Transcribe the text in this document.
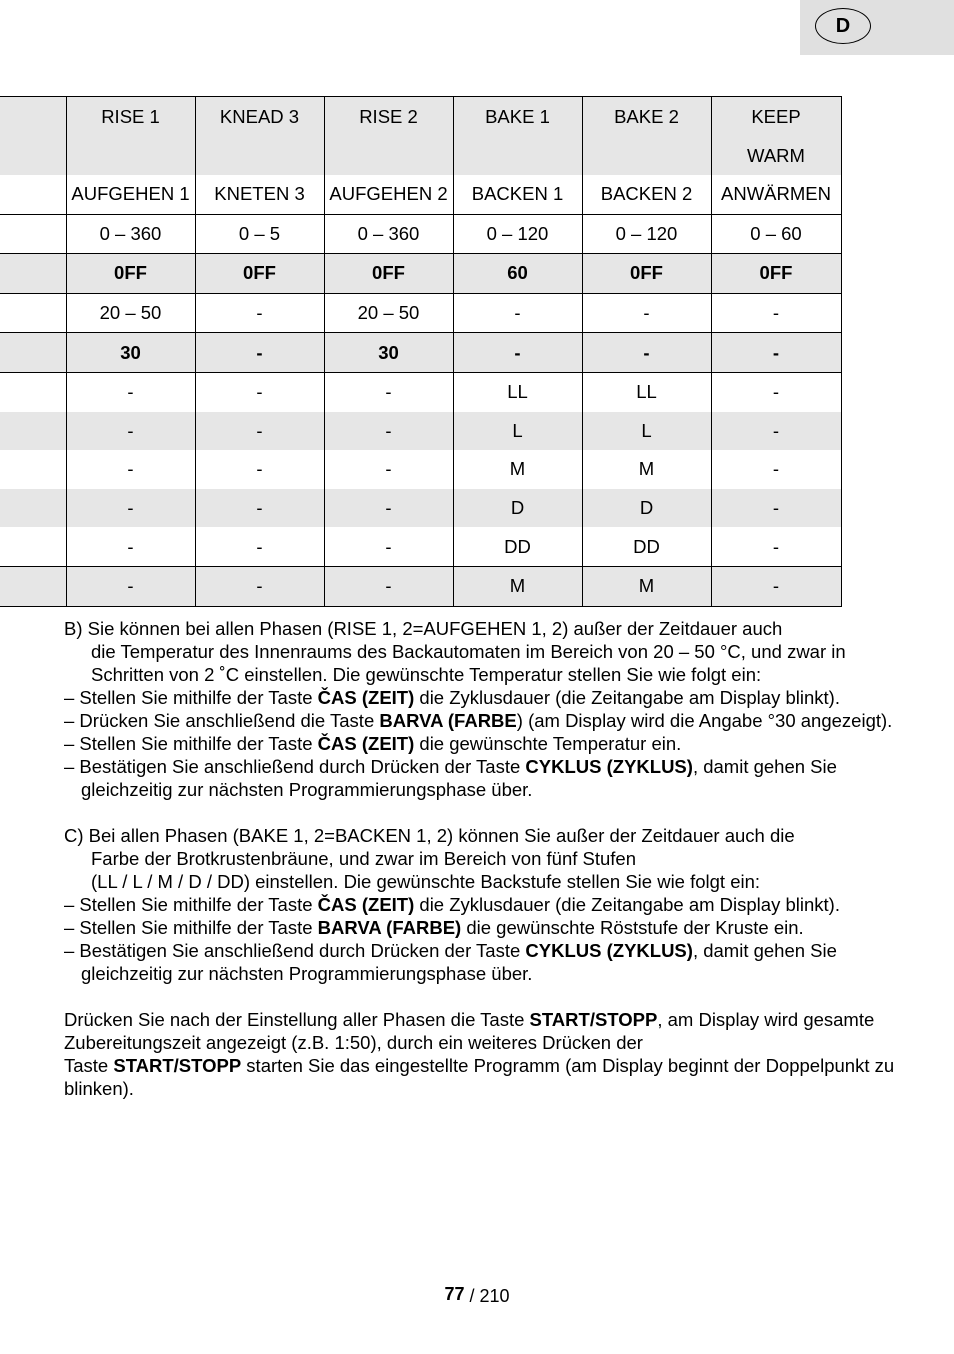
D
	RISE 1	KNEAD 3	RISE 2	BAKE 1	BAKE 2	KEEP
WARM
	AUFGEHEN 1	KNETEN 3	AUFGEHEN 2	BACKEN 1	BACKEN 2	ANWÄRMEN
	0 – 360	0 – 5	0 – 360	0 – 120	0 – 120	0 – 60
	0FF	0FF	0FF	60	0FF	0FF
	20 – 50	-	20 – 50	-	-	-
	30	-	30	-	-	-
	-	-	-	LL	LL	-
	-	-	-	L	L	-
	-	-	-	M	M	-
	-	-	-	D	D	-
	-	-	-	DD	DD	-
	-	-	-	M	M	-

B) Sie können bei allen Phasen (RISE 1, 2=AUFGEHEN 1, 2) außer der Zeitdauer auch

die Temperatur des Innenraums des Backautomaten im Bereich von 20 – 50 °C, und zwar in Schritten von 2 ˚C einstellen. Die gewünschte Temperatur stellen Sie wie folgt ein:

– Stellen Sie mithilfe der Taste ČAS (ZEIT) die Zyklusdauer (die Zeitangabe am Display blinkt).

– Drücken Sie anschließend die Taste BARVA (FARBE) (am Display wird die Angabe °30 angezeigt).

– Stellen Sie mithilfe der Taste ČAS (ZEIT) die gewünschte Temperatur ein.

– Bestätigen Sie anschließend durch Drücken der Taste CYKLUS (ZYKLUS), damit gehen Sie gleichzeitig zur nächsten Programmierungsphase über.

C) Bei allen Phasen (BAKE 1, 2=BACKEN 1, 2) können Sie außer der Zeitdauer auch die

Farbe der Brotkrustenbräune, und zwar im Bereich von fünf Stufen

(LL / L / M / D / DD) einstellen. Die gewünschte Backstufe stellen Sie wie folgt ein:

– Stellen Sie mithilfe der Taste ČAS (ZEIT) die Zyklusdauer (die Zeitangabe am Display blinkt).

– Stellen Sie mithilfe der Taste BARVA (FARBE) die gewünschte Röststufe der Kruste ein.

– Bestätigen Sie anschließend durch Drücken der Taste CYKLUS (ZYKLUS), damit gehen Sie gleichzeitig zur nächsten Programmierungsphase über.

Drücken Sie nach der Einstellung aller Phasen die Taste START/STOPP, am Display wird gesamte Zubereitungszeit angezeigt (z.B. 1:50), durch ein weiteres Drücken der

Taste START/STOPP starten Sie das eingestellte Programm (am Display beginnt der Doppelpunkt zu blinken).

77 / 210
